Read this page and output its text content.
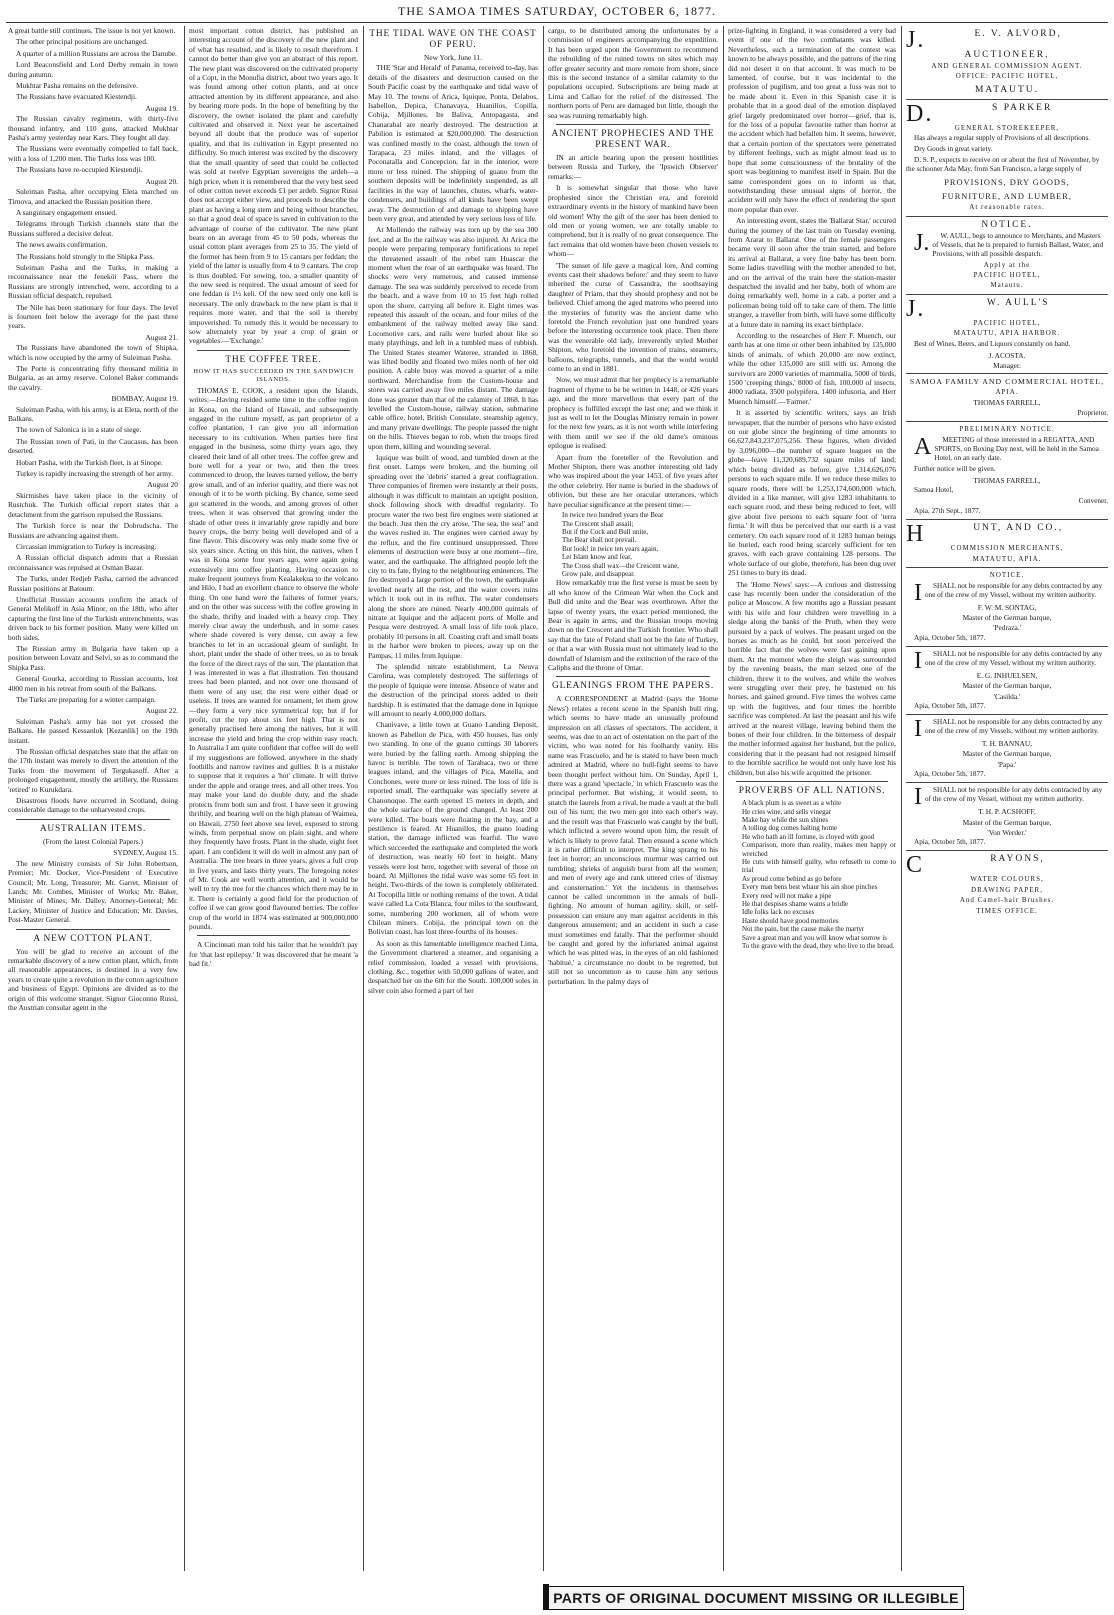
THE SAMOA TIMES SATURDAY, OCTOBER 6, 1877.

A great battle still continues. The issue is not yet known.

The other principal positions are unchanged.

A quarter of a million Russians are across the Danube.

Lord Beaconsfield and Lord Derby remain in town during autumn.

Mukhtar Pasha remains on the defensive.

The Russians have evacuated Kiestendji.

August 19.

The Russian cavalry regiments, with thirty-five thousand infantry, and 110 guns, attacked Mukhtar Pasha's army yesterday near Kars. They fought all day.

The Russians were eventually compelled to fall back, with a loss of 1,200 men. The Turks loss was 100.

The Russians have re-occupied Kiestendji.

August 20.

Suleiman Pasha, after occupying Eleta marched on Tirnova, and attacked the Russian position there.

A sanguinary engagement ensued.

Telegrams through Turkish channels state that the Russians suffered a decisive defeat.

The news awaits confirmation.

The Russians hold strongly to the Shipka Pass.

Suleiman Pasha and the Turks, in making a reconnaissance near the Jeneköi Pass, where the Russians are strongly intrenched, were, according to a Russian official despatch, repulsed.

The Nile has been stationary for four days. The level is fourteen feet below the average for the past three years.

August 21.

The Russians have abandoned the town of Shipka, which is now occupied by the army of Suleiman Pasha.

The Porte is concentrating fifty thousand militia in Bulgaria, as an army reserve. Colonel Baker commands the cavalry.

BOMBAY, August 19.

Suleiman Pasha, with his army, is at Eleta, north of the Balkans.

The town of Salonica is in a state of siege.

The Russian town of Pati, in the Caucasus, has been deserted.

Hobart Pasha, with the Turkish fleet, is at Sinope.

Turkey is rapidly increasing the strength of her army.

August 20

Skirmishes have taken place in the vicinity of Rustchuk. The Turkish official report states that a detachment from the garrison repulsed the Russians.

The Turkish force is near the Dobrudscha. The Russians are advancing against them.

Circassian immigration to Turkey is increasing.

A Russian official dispatch admits that a Russian reconnaissance was repulsed at Osman Bazar.

The Turks, under Redjeb Pasha, carried the advanced Russian positions at Batoum.

Unofficial Russian accounts confirm the attack of General Melikoff in Asia Minor, on the 18th, who after capturing the first line of the Turkish entrenchments, was driven back to his former position. Many were killed on both sides.

The Russian army in Bulgaria have taken up a position between Lovatz and Selvi, so as to command the Shipka Pass.

General Gourka, according to Russian accounts, lost 4000 men in his retreat from south of the Balkans.

The Turks are preparing for a winter campaign.

August 22.

Suleiman Pasha's army has not yet crossed the Balkans. He passed Kessanluk [Kezanlik] on the 19th instant.

The Russian official despatches state that the affair on the 17th instant was merely to divert the attention of the Turks from the movement of Tergukasoff. After a prolonged engagement, mostly the artillery, the Russians 'retired' to Kurukdara.

Disastrous floods have occurred in Scotland, doing considerable damage to the unharvested crops.

AUSTRALIAN ITEMS.
(From the latest Colonial Papers.)
SYDNEY, August 15.

The new Ministry consists of Sir John Robertson, Premier; Mr. Docker, Vice-President of Executive Council; Mr. Long, Treasurer; Mr. Garret, Minister of Lands; Mr. Combes, Minister of Works; Mr. Baker, Minister of Mines; Mr. Dalley, Attorney-General; Mr. Lackey, Minister of Justice and Education; Mr. Davies, Post-Master General.

A NEW COTTON PLANT.

You will be glad to receive an account of the remarkable discovery of a new cotton plant, which, from all reasonable appearances, is destined in a very few years to create quite a revolution in the cotton agriculture and business of Egypt. Opinions are divided as to the origin of this welcome stranger. Signor Gioconno Russi, the Austrian consular agent in the

most important cotton district, has published an interesting account of the discovery of the new plant and of what has resulted, and is likely to result therefrom. I cannot do better than give you an abstract of this report. The new plant was discovered on the cultivated property of a Copt, in the Monufia district, about two years ago. It was found among other cotton plants, and at once attracted attention by its different appearance, and also by bearing more pods. In the hope of benefiting by the discovery, the owner isolated the plant and carefully cultivated and observed it. Next year he ascertained beyond all doubt that the produce was of superior quality, and that its cultivation in Egypt presented no difficulty. So much interest was excited by the discovery that the small quantity of seed that could be collected was sold at twelve Egyptian sovereigns the ardeb—a high price, when it is remembered that the very best seed of other cotton never exceeds £1 per ardeb. Signor Russi does not accept either view, and proceeds to describe the plant as having a long stem and being without branches, so that a good deal of space is saved in cultivation to the advantage of course of the cultivator. The new plant bears on an average from 45 to 50 pods, whereas the usual cotton plant averages from 25 to 35. The yield of the former has been from 9 to 15 cantars per feddan; the yield of the latter is usually from 4 to 9 cantars. The crop is thus doubled. For sowing, too, a smaller quantity of the new seed is required. The usual amount of seed for one feddan is 1½ keli. Of the new seed only one keli is necessary. The only drawback to the new plant is that it requires more water, and that the soil is thereby impoverished. To remedy this it would be necessary to sow alternately year by year a crop of grain or vegetables.—'Exchange.'

THE COFFEE TREE.
HOW IT HAS SUCCEEDED IN THE SANDWICH ISLANDS.

THOMAS E. COOK, a resident upon the Islands, writes:—Having resided some time in the coffee region in Kona, on the Island of Hawaii, and subsequently engaged in the culture myself, as part proprietor of a coffee plantation, I can give you all information necessary to its cultivation. When parties here first engaged in the business, some thirty years ago, they cleared their land of all other trees. The coffee grew and bore well for a year or two, and then the trees commenced to droop, the leaves turned yellow, the berry grew small, and of an inferior quality, and there was not enough of it to be worth picking. By chance, some seed got scattered in the woods, and among groves of other trees, when it was observed that growing under the shade of other trees it invariably grew rapidly and bore heavy crops, the berry being well developed and of a fine flavor. This discovery was only made some five or six years since. Acting on this hint, the natives, when I was in Kona some four years ago, were again going extensively into coffee planting. Having occasion to make frequent journeys from Kealakekua to the volcano and Hilo, I had an excellent chance to observe the whole thing. On one hand were the failures of former years, and on the other was success with the coffee growing in the shade, thrifty and loaded with a heavy crop. They merely clear away the underbush, and in some cases where shade covered is very dense, cut away a few branches to let in an occasional gleam of sunlight. In short, plant under the shade of other trees, so as to break the force of the direct rays of the sun. The plantation that I was interested in was a flat illustration. Ten thousand trees had been planted, and not over one thousand of them were of any use; the rest were either dead or useless. If trees are wanted for ornament, let them grow—they form a very nice symmetrical top; but if for profit, cut the top about six feet high. That is not generally practised here among the natives, but it will increase the yield and bring the crop within easy reach. In Australia I am quite confident that coffee will do well if my suggestions are followed, anywhere in the shady foothills and narrow ravines and gullies. It is a mistake to suppose that it requires a 'hot' climate. It will thrive under the apple and orange trees, and all other trees. You may make your land do double duty, and the shade protects from both sun and frost. I have seen it growing thriftily, and bearing well on the high plateau of Waimea, on Hawaii, 2750 feet above sea level, exposed to strong winds, from perpetual snow on plain sight, and where they frequently have frosts. Plant in the shade, eight feet apart. I am confident it will do well in almost any part of Australia. The tree bears in three years, gives a full crop in five years, and lasts thirty years. The foregoing notes of Mr. Cook are well worth attention, and it would be well to try the tree for the chances which there may be in it. There is certainly a good field for the production of coffee if we can grow good flavoured berries. The coffee crop of the world in 1874 was estimated at 900,000,000 pounds.

A Cincinnati man told his tailor that he wouldn't pay for 'that last epilepsy.' It was discovered that he meant 'a bad fit.'

THE TIDAL WAVE ON THE COAST OF PERU.
New York, June 11.

THE 'Star and Herald' of Panama, received to-day, has details of the disasters and destruction caused on the South Pacific coast by the earthquake and tidal wave of May 10. The towns of Arica, Iquique, Ponta, Delabos, Isabellon, Depica, Chanavaya, Huanillos, Copilla, Cobija, Mjillones, Ite Baliva, Antopagasta, and Chanarabal are nearly destroyed. The destruction at Pabilion is estimated at $20,000,000. The destruction was confined mostly to the coast, although the town of Tarapaca, 23 miles inland, and the villages of Poconatalla and Concepcion, far in the interior, were more or less ruined. The shipping of guano from the southern deposits will be indefinitely suspended, as all facilities in the way of launches, chutes, wharfs, water-condensers, and buildings of all kinds have been swept away. The destruction of and damage to shipping have been very great, and attended by very serious loss of life.

At Mollendo the railway was torn up by the sea 300 feet, and at Ilo the railway was also injured. At Arica the people were preparing temporary fortifications to repel the threatened assault of the rebel ram Huascar the moment when the roar of an earthquake was heard. The shocks were very numerous, and caused immense damage. The sea was suddenly perceived to recede from the beach, and a wave from 10 to 15 feet high rolled upon the shore, carrying all before it. Eight times was repeated this assault of the ocean, and four miles of the embankment of the railway melted away like sand. Locomotive cars, and rails were hurled about like so many playthings, and left in a tumbled mass of rubbish. The United States steamer Wateree, stranded in 1868, was lifted bodily and floated two miles north of her old position. A cable buoy was moved a quarter of a mile northward. Merchandise from the Custom-house and stores was carried away five miles distant. The damage done was greater than that of the calamity of 1868. It has levelled the Custom-house, railway station, submarine cable office, hotel, British Consulate, steamship agency, and many private dwellings. The people passed the night on the hills. Thieves began to rob, when the troops fired upon them, killing and wounding several.

Iquique was built of wood, and tumbled down at the first onset. Lamps were broken, and the burning oil spreading over the 'debris' started a great conflagration. Three companies of firemen were instantly at their posts, although it was difficult to maintain an upright position, shock following shock with dreadful regularity. To procure water the two best fire engines were stationed at the beach. Just then the cry arose, 'The sea, the sea!' and the waves rushed in. The engines were carried away by the reflux, and the fire continued unsuppressed. Three elements of destruction were busy at one moment—fire, water, and the earthquake. The affrighted people left the city to its fate, flying to the neighbouring eminences. The fire destroyed a large portion of the town, the earthquake levelled nearly all the rest, and the water covers ruins which it took out in its reflux. The water condensers along the shore are ruined. Nearly 400,000 quintals of nitrate at Iquique and the adjacent ports of Molle and Pesqua were destroyed. A small loss of life took place, probably 10 persons in all. Coasting craft and small boats in the harbor were broken to pieces, away up on the Pampas, 11 miles from Iquique.

The splendid nitrate establishment, La Neuva Carolina, was completely destroyed. The sufferings of the people of Iquique were intense. Absence of water and the destruction of the principal stores added to their hardship. It is estimated that the damage done in Iquique will amount to nearly 4,000,000 dollars.

Chanivave, a little town at Guano Landing Deposit, known as Pabellon de Pica, with 450 houses, has only two standing. In one of the guano cuttings 30 laborers were buried by the falling earth. Among shipping the havoc is terrible. The town of Tarabaca, two or three leagues inland, and the villages of Pica, Matella, and Conchones, were more or less ruined. The loss of life is reported small. The earthquake was specially severe at Chanonoque. The earth opened 15 meters in depth, and the whole surface of the ground changed. At least 200 were killed. The boats were floating in the bay, and a pestilence is feared. At Huanillos, the guano loading station, the damage inflicted was fearful. The wave which succeeded the earthquake and completed the work of destruction, was nearly 60 feet in height. Many vessels were lost here, together with several of those on board. At Mjillones the tidal wave was some 65 feet in height. Two-thirds of the town is completely obliterated. At Tocopilla little or nothing remains of the town. A tidal wave called La Cota Blanca, four miles to the southward, some, numbering 200 workmen, all of whom were Chilean miners. Cobija, the principal town on the Bolivian coast, has lost three-fourths of its houses.

As soon as this lamentable intelligence reached Lima, the Government chartered a steamer, and organising a relief commission, loaded a vessel with provisions, clothing, &c., together with 50,000 gallons of water, and despatched her on the 6th for the South. 100,000 soles in silver coin also formed a part of her

cargo, to be distributed among the unfortunates by a commission of engineers accompanying the expedition. It has been urged upon the Government to recommend the rebuilding of the ruined towns on sites which may offer greater security and more remote from shore, since this is the second instance of a similar calamity to the populations occupied. Subscriptions are being made at Lima and Callao for the relief of the distressed. The northern ports of Peru are damaged but little, though the sea was running remarkably high.

ANCIENT PROPHECIES AND THE PRESENT WAR.

IN an article bearing upon the present hostilities between Russia and Turkey, the 'Ipswich Observer' remarks:—

It is somewhat singular that those who have prophesied since the Christian era, and foretold extraordinary events in the history of mankind have been old women! Why the gift of the seer has been denied to old men or young women, we are totally unable to comprehend, but it is really of no great consequence. The fact remains that old women have been chosen vessels to whom—

'The sunset of life gave a magical lore, And coming events cast their shadows before:' and they seem to have inherited the curse of Cassandra, the soothsaying daughter of Priam, that they should prophesy and not be believed. Chief among the aged matrons who peered into the mysteries of futurity was the ancient dame who foretold the French revolution just one hundred years before the interesting occurrence took place. Then there was the venerable old lady, irreverently styled Mother Shipton, who foretold the invention of trains, steamers, balloons, telegraphs, tunnels, and that the world would come to an end in 1881.

Now, we must admit that her prophecy is a remarkable fragment of rhyme to be be written in 1448, or 426 years ago, and the more marvellous that every part of the prophecy is fulfilled except the last one; and we think it just as well to let the Douglas Ministry remain in power for the next few years, as it is not worth while interfering with them until we see if the old dame's ominous epilogue is realised.

Apart from the foreteller of the Revolution and Mother Shipton, there was another interesting old lady who was inspired about the year 1453, of five years after the other celebrity. Her name is buried in the shadows of oblivion, but these are her oracular utterances, which have peculiar significance at the present time:—

In twice two hundred years the Bear

The Crescent shall assail;

But if the Cock and Bull unite,

The Bear shall not prevail.

But look! in twice ten years again,

Let Islam know and fear,

The Cross shall wax—the Crescent wane,

Grow pale, and disappear.

How remarkably true the first verse is must be seen by all who know of the Crimean War when the Cock and Bull did unite and the Bear was overthrown. After the lapse of twenty years, the exact period mentioned, the Bear is again in arms, and the Russian troops moving down on the Crescent and the Turkish frontier. Who shall say that the fate of Poland shall not be the fate of Turkey, or that a war with Russia must not ultimately lead to the downfall of Islamism and the extinction of the race of the Caliphs and the throne of Omar.

GLEANINGS FROM THE PAPERS.

A CORRESPONDENT at Madrid (says the 'Home News') relates a recent scene in the Spanish bull ring, which seems to have made an unusually profound impression on all classes of spectators. The accident, it seems, was due to an act of ostentation on the part of the victim, who was noted for his foolhardy vanity. His name was Frascuelo, and he is stated to have been much admired at Madrid, where no bull-fight seems to have been thought perfect without him. On Sunday, April 1, there was a grand 'spectacle,' in which Frascuelo was the principal performer. But wishing, it would seem, to snatch the laurels from a rival, he made a vault at the bull out of his turn; the two men got into each other's way, and the result was that Frascuelo was caught by the bull, which inflicted a severe wound upon him, the result of which is likely to prove fatal. Then ensued a scene which it is rather difficult to interpret. The king sprang to his feet in horror; an unconscious murmur was carried out tumbling; shrieks of anguish burst from all the women; and men of every age and rank uttered cries of 'dismay and consternation.' Yet the incidents in themselves cannot be called uncommon in the annals of bull-fighting. No amount of human agility, skill, or self-possession can ensure any man against accidents in this dangerous amusement; and an accident in such a case must sometimes end fatally. That the performer should be caught and gored by the infuriated animal against which he was pitted was, in the eyes of an old fashioned 'habitué,' a circumstance no doubt to be regretted, but still not so uncommon as to cause him any serious perturbation. In the palmy days of

prize-fighting in England, it was considered a very bad event if one of the two combatants was killed. Nevertheless, such a termination of the contest was known to be always possible, and the patrons of the ring did not desert it on that account. It was much to be lamented, of course, but it was incidental to the profession of pugilism, and too great a fuss was not to be made about it. Even in this Spanish case it is probable that in a good deal of the emotion displayed grief largely predominated over horror—grief, that is, for the loss of a popular favourite rather than horror at the accident which had befallen him. It seems, however, that a certain portion of the spectators were penetrated by different feelings, such as might almost lead us to hope that some consciousness of the brutality of the sport was beginning to manifest itself in Spain. But the same correspondent goes on to inform us that, notwithstanding these unusual signs of horror, the accident will only have the effect of rendering the sport more popular than ever.

An interesting event, states the 'Ballarat Star,' occured during the journey of the last train on Tuesday evening, from Ararat to Ballarat. One of the female passengers became very ill soon after the train started, and before its arrival at Ballarat, a very fine baby has been born. Some ladies travelling with the mother attended to her, and on the arrival of the train here the station-master despatched the invalid and her baby, both of whom are doing remarkably well, home in a cab, a porter and a policeman being told off to take care of them. The little stranger, a traveller from birth, will have some difficulty at a future date in naming its exact birthplace.

According to the researches of Herr F. Muench, our earth has at one time or other been inhabited by 135,000 kinds of animals, of which 20,000 are now extinct, while the other 135,000 are still with us. Among the survivors are 2000 varieties of mammalia, 5000 of birds, 1500 'creeping things,' 8000 of fish, 100,000 of insects, 4000 radiata, 3500 polypifera, 1400 infusoria, and Herr Muench himself.—'Farmer.'

It is asserted by scientific writers, says an Irish newspaper, that the number of persons who have existed on our globe since the beginning of time amounts to 66,627,843,237,075,256. These figures, when divided by 3,096,000—the number of square leagues on the globe—leave 11,320,689,732 square miles of land; which being divided as before, give 1,314,626,076 persons to each square mile. If we reduce these miles to square roods, there will be 1,253,174,600,000 which, divided in a like manner, will give 1283 inhabitants to each square rood, and these being reduced to feet, will give about five persons to each square foot of 'terra firma.' It will thus be perceived that our earth is a vast cemetery. On each square rood of it 1283 human beings lie buried, each rood being scarcely sufficient for ten graves, with each grave containing 128 persons. The whole surface of our globe, therefore, has been dug over 251 times to bury its dead.

The 'Home News' says:—A curious and distressing case has recently been under the consideration of the police at Moscow. A few months ago a Russian peasant with his wife and four children were travelling in a sledge along the banks of the Pruth, when they were pursued by a pack of wolves. The peasant urged on the horses as much as he could, but soon perceived the horrible fact that the wolves were fast gaining upon them. At the moment when the sleigh was surrounded by the ravening beasts, the man seized one of the children, threw it to the wolves, and while the wolves were struggling over their prey, he hastened on his horses, and gained ground. Five times the wolves came up with the fugitives, and four times the horrible sacrifice was completed. At last the peasant and his wife arrived at the nearest village, leaving behind them the bones of their four children. In the bitterness of despair the mother informed against her husband, but the police, considering that it the peasant had not resigned himself to the horrible sacrifice he would not only have lost his children, but also his wife acquitted the prisoner.

PROVERBS OF ALL NATIONS.

A black plum is as sweet as a white

He cries wine, and sells vinegar

Make hay while the sun shines

A tolling dog comes halting home

He who hath an ill fortune, is cloyed with good

Comparison, more than reality, makes men happy or wretched

He cuts with himself guilty, who refuseth to come to trial

As proud come behind as go before

Every man bens best whaur his ain shoe pinches

Every reed will not make a pipe

He that despises shame wants a bridle

Idle folks lack no excuses

Haste should have good memories

Not the pain, but the cause make the martyr

Save a great man and you will know what sorrow is

To the grave with the dead, they who live to the bread.

J.	E. V. ALVORD,
AUCTIONEER,
AND GENERAL COMMISSION AGENT.
OFFICE: PACIFIC HOTEL,
MATAUTU.
D.	S PARKER
GENERAL STOREKEEPER,

Has always a regular supply of Provisions of all descriptions.

Dry Goods in great variety.

D. S. P., expects to receive on or about the first of November, by the schooner Ada May, from San Francisco, a large supply of

PROVISIONS, DRY GOODS,
FURNITURE, AND LUMBER,
At reasonable rates.
NOTICE.

J. W. AULL, begs to announce to Merchants, and Masters of Vessels, that he is prepared to furnish Ballast, Water, and Provisions, with all possible despatch.

Apply at the
PACIFIC HOTEL,
Matautu.
J.	W. AULL'S
PACIFIC HOTEL,
MATAUTU, APIA HARBOR.

Best of Wines, Beers, and Liquors constantly on hand.

J. ACOSTA.
Manager.
SAMOA FAMILY AND COMMERCIAL HOTEL,
APIA.
THOMAS FARRELL,
Proprietor.
PRELIMINARY NOTICE.

A MEETING of those interested in a REGATTA, AND SPORTS, on Boxing Day next, will be held in the Samoa Hotel, on an early date.

Further notice will be given.

THOMAS FARRELL,

Samoa Hotel,

Convener.

Apia, 27th Sept., 1877.

H	UNT, AND CO.,
COMMISSION MERCHANTS,
MATAUTU, APIA.
NOTICE.

I SHALL not be responsible for any debts contracted by any one of the crew of my Vessel, without my written authority.

F. W. M. SONTAG,
Master of the German barque,
'Pedraza.'

Apia, October 5th, 1877.

I SHALL not be responsible for any debts contracted by any one of the crew of my Vessel, without my written authority.

E. G. INHUELSEN,
Master of the German barque,
'Casilda.'

Apia, October 5th, 1877.

I SHALL not be responsible for any debts contracted by any one of the crew of my Vessels, without my written authority.

T. H. BANNAU,
Master of the German barque,
'Papa.'

Apia, October 5th, 1877.

I SHALL not be responsible for any debts contracted by any of the crew of my Vessel, without my written authority.

T. H. P. ACSHOFF,
Master of the German barque,
'Von Werder.'

Apia, October 5th, 1877.

C	RAYONS,
WATER COLOURS,
DRAWING PAPER,
And Camel-hair Brushes.
TIMES OFFICE.
PARTS OF ORIGINAL DOCUMENT MISSING OR ILLEGIBLE
